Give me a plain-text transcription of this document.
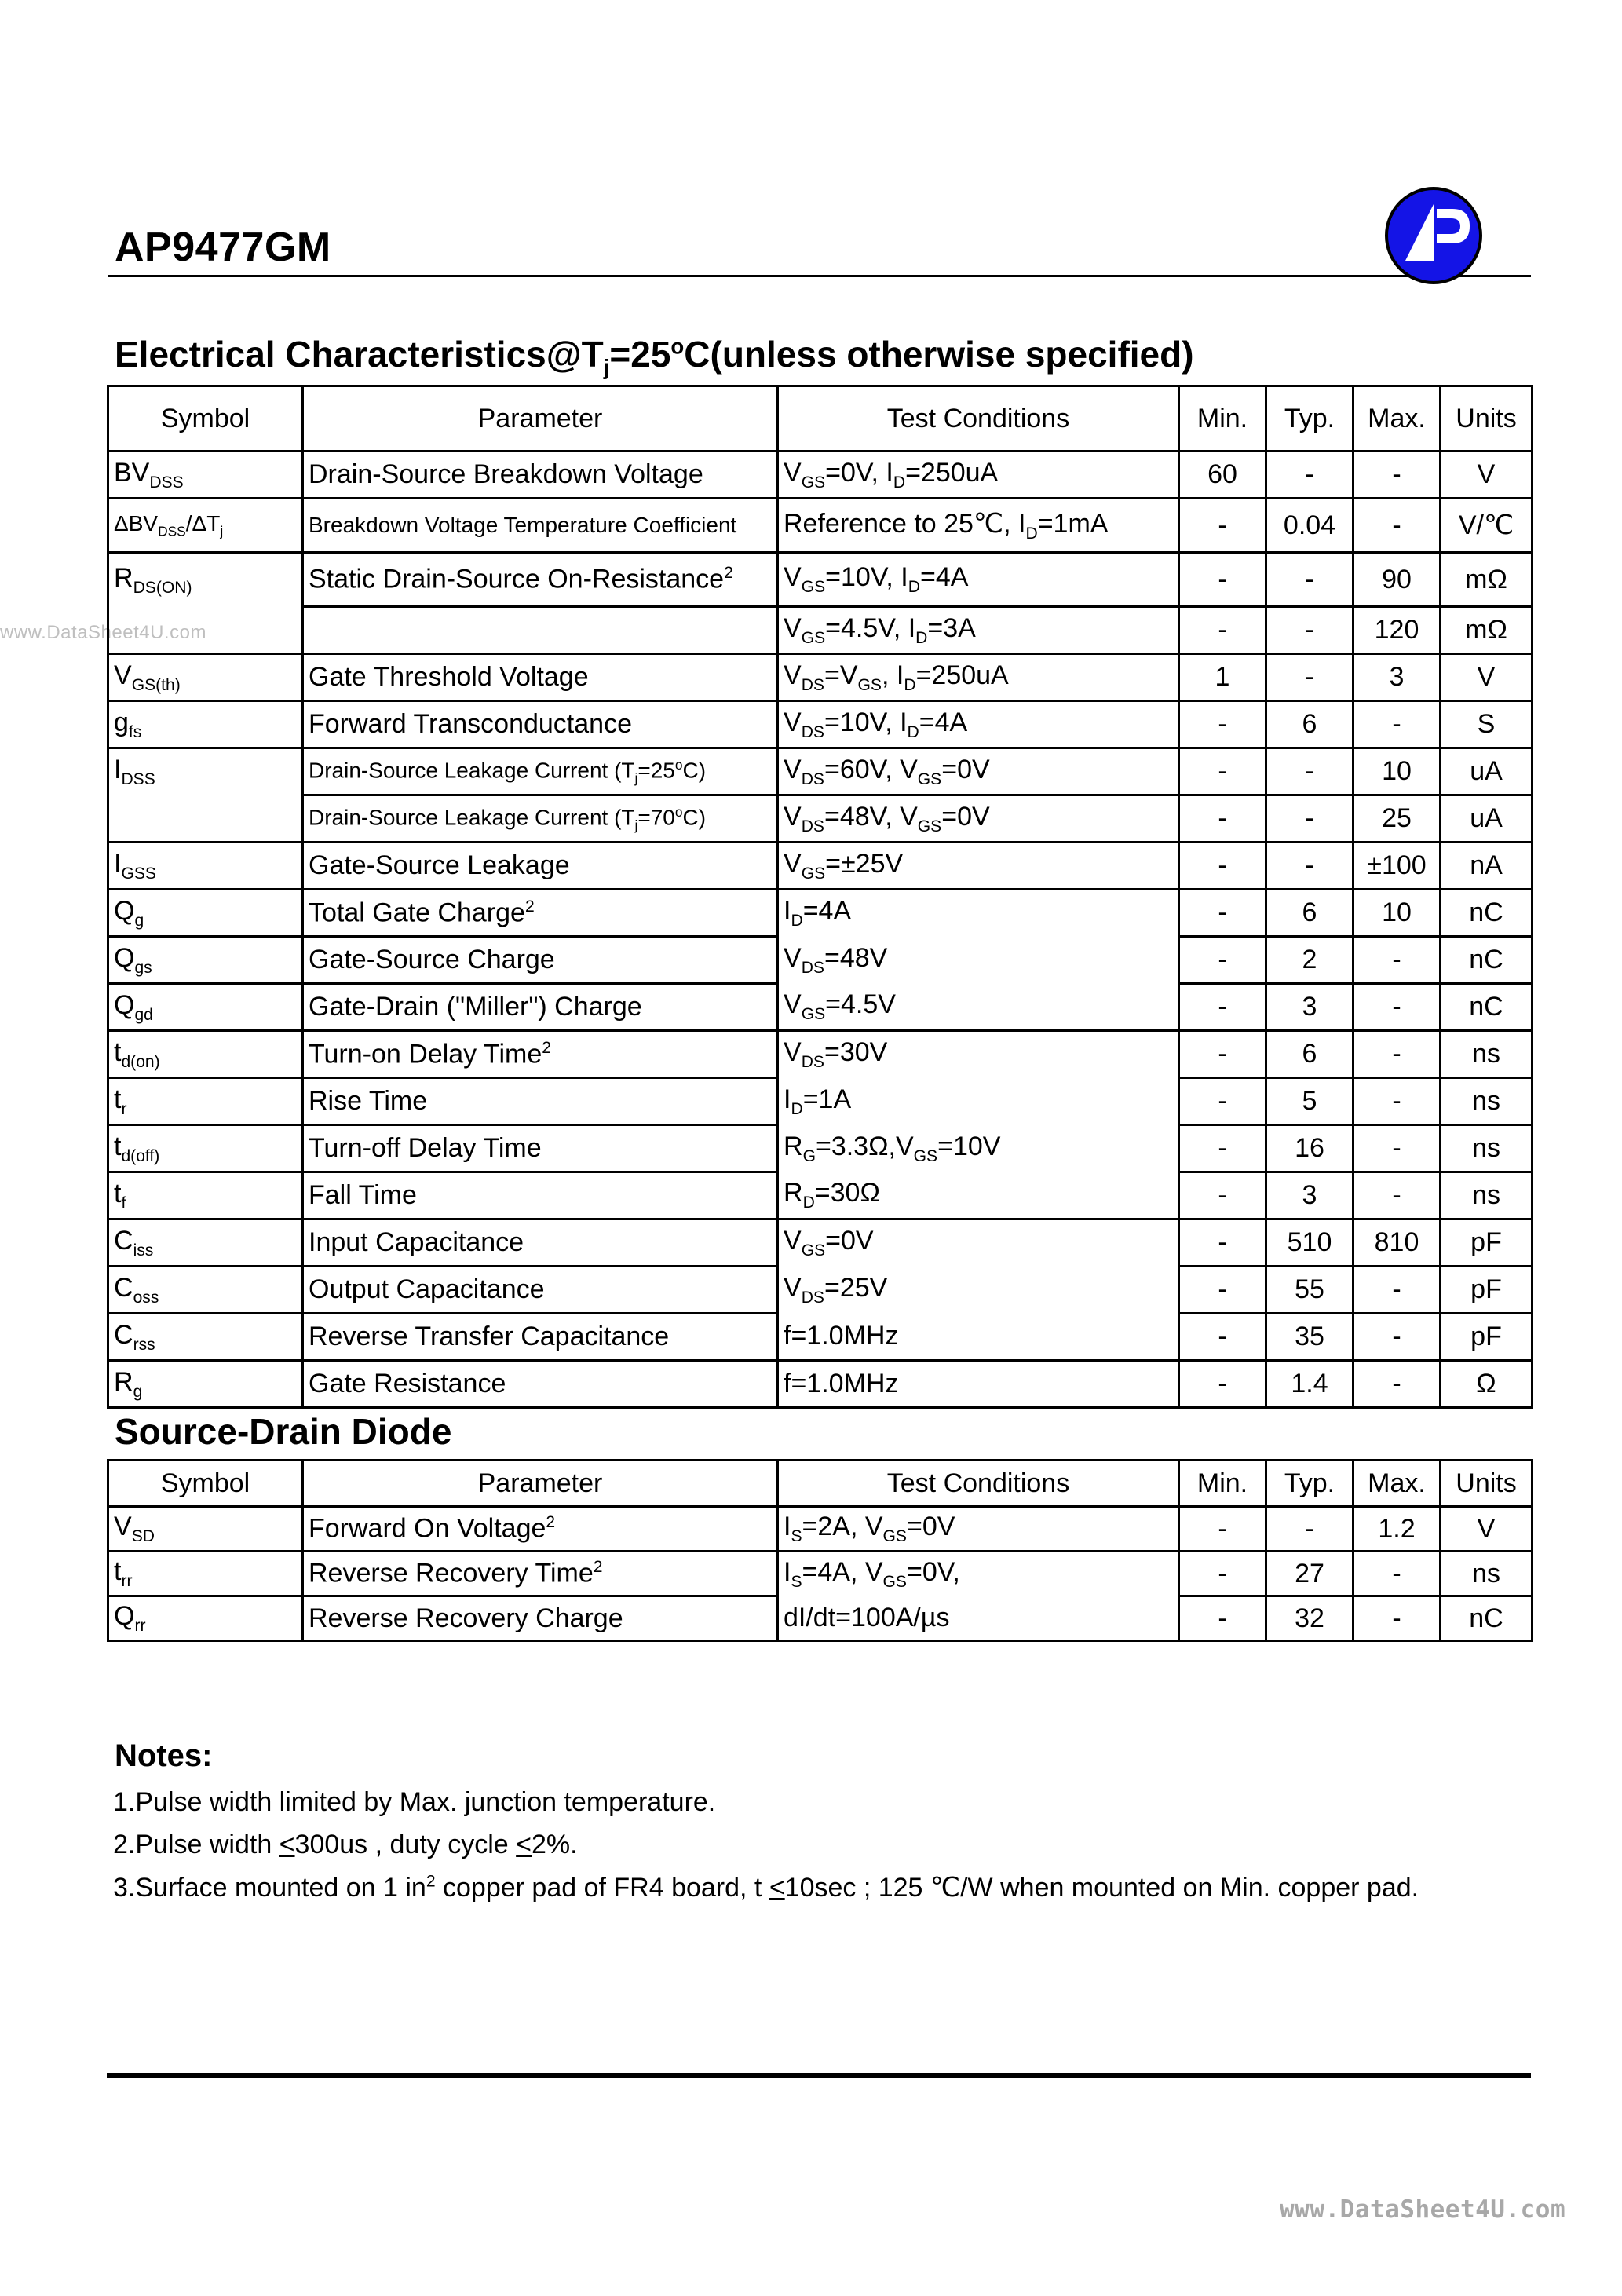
AP9477GM
www.DataSheet4U.com
Electrical $Characteristics@T_j=25^oC(unless$ otherwise specified)
Symbol	Parameter	Test Conditions	Min.	Typ.	Max.	Units
$BV_{DSS}$	Drain-Source Breakdown Voltage	$V_{GS}=0V$, $I_D=250uA$	60	-	-	V
$\Delta BV_{DSS}/\Delta T_j$	Breakdown Voltage Temperature Coefficient	Reference to 25℃, $I_D=1mA$	-	0.04	-	V/℃
$R_{DS(ON)}$	Static Drain-Source On-Resistance$^2$	$V_{GS}=10V$, $I_D=4A$	-	-	90	mΩ
		$V_{GS}=4.5V$, $I_D=3A$	-	-	120	mΩ
$V_{GS(th)}$	Gate Threshold Voltage	$V_{DS}=V_{GS}$, $I_D=250uA$	1	-	3	V
$g_{fs}$	Forward Transconductance	$V_{DS}=10V$, $I_D=4A$	-	6	-	S
$I_{DSS}$	Drain-Source Leakage Current $(T_j=25^oC)$	$V_{DS}=60V$, $V_{GS}=0V$	-	-	10	uA
	Drain-Source Leakage Current $(T_j=70^oC)$	$V_{DS}=48V$, $V_{GS}=0V$	-	-	25	uA
$I_{GSS}$	Gate-Source Leakage	$V_{GS}=\pm 25V$	-	-	±100	nA
$Q_g$	Total Gate Charge$^2$	$I_D=4A$	-	6	10	nC
$Q_{gs}$	Gate-Source Charge	$V_{DS}=48V$	-	2	-	nC
$Q_{gd}$	Gate-Drain ("Miller") Charge	$V_{GS}=4.5V$	-	3	-	nC
$t_{d(on)}$	Turn-on Delay Time$^2$	$V_{DS}=30V$	-	6	-	ns
$t_r$	Rise Time	$I_D=1A$	-	5	-	ns
$t_{d(off)}$	Turn-off Delay Time	$R_G=3.3\Omega,V_{GS}=10V$	-	16	-	ns
$t_f$	Fall Time	$R_D=30\Omega$	-	3	-	ns
$C_{iss}$	Input Capacitance	$V_{GS}=0V$	-	510	810	pF
$C_{oss}$	Output Capacitance	$V_{DS}=25V$	-	55	-	pF
$C_{rss}$	Reverse Transfer Capacitance	f=1.0MHz	-	35	-	pF
$R_g$	Gate Resistance	f=1.0MHz	-	1.4	-	Ω
Source-Drain Diode
Symbol	Parameter	Test Conditions	Min.	Typ.	Max.	Units
$V_{SD}$	Forward On Voltage$^2$	$I_S=2A$, $V_{GS}=0V$	-	-	1.2	V
$t_{rr}$	Reverse Recovery Time$^2$	$I_S=4A$, $V_{GS}=0V$,	-	27	-	ns
$Q_{rr}$	Reverse Recovery Charge	dI/dt=100A/µs	-	32	-	nC
Notes:
1.Pulse width limited by Max. junction temperature.
2.Pulse width <300us , duty cycle <2%.
3.Surface mounted on 1 $in^2$ copper pad of FR4 board, t <10sec ; 125 ℃/W when mounted on Min. copper pad.
www.DataSheet4U.com
